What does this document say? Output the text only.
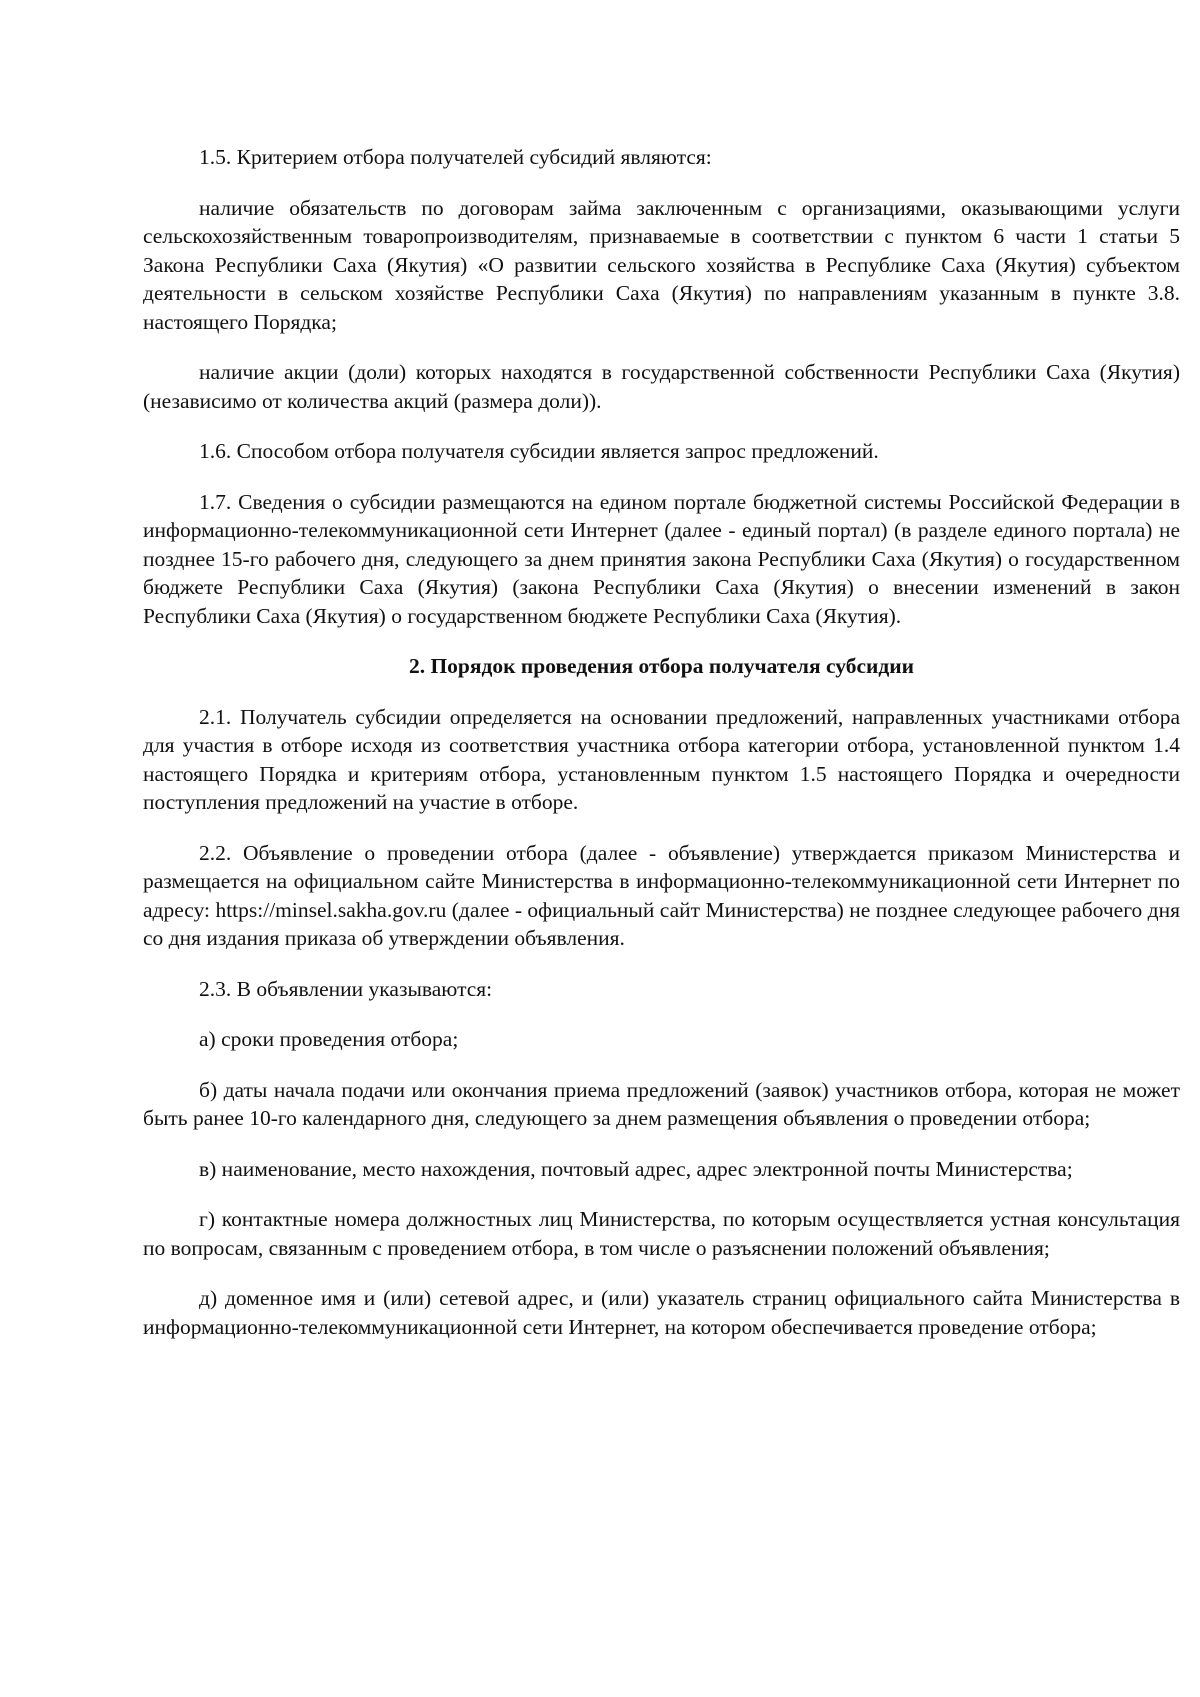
1.5. Критерием отбора получателей субсидий являются:

наличие обязательств по договорам займа заключенным с организациями, оказывающими услуги сельскохозяйственным товаропроизводителям, признаваемые в соответствии с пунктом 6 части 1 статьи 5 Закона Республики Саха (Якутия) «О развитии сельского хозяйства в Республике Саха (Якутия) субъектом деятельности в сельском хозяйстве Республики Саха (Якутия) по направлениям указанным в пункте 3.8. настоящего Порядка;

наличие акции (доли) которых находятся в государственной собственности Республики Саха (Якутия) (независимо от количества акций (размера доли)).

1.6. Способом отбора получателя субсидии является запрос предложений.

1.7. Сведения о субсидии размещаются на едином портале бюджетной системы Российской Федерации в информационно-телекоммуникационной сети Интернет (далее - единый портал) (в разделе единого портала) не позднее 15-го рабочего дня, следующего за днем принятия закона Республики Саха (Якутия) о государственном бюджете Республики Саха (Якутия) (закона Республики Саха (Якутия) о внесении изменений в закон Республики Саха (Якутия) о государственном бюджете Республики Саха (Якутия).

2. Порядок проведения отбора получателя субсидии

2.1. Получатель субсидии определяется на основании предложений, направленных участниками отбора для участия в отборе исходя из соответствия участника отбора категории отбора, установленной пунктом 1.4 настоящего Порядка и критериям отбора, установленным пунктом 1.5 настоящего Порядка и очередности поступления предложений на участие в отборе.

2.2. Объявление о проведении отбора (далее - объявление) утверждается приказом Министерства и размещается на официальном сайте Министерства в информационно-телекоммуникационной сети Интернет по адресу: https://minsel.sakha.gov.ru (далее - официальный сайт Министерства) не позднее следующее рабочего дня со дня издания приказа об утверждении объявления.

2.3. В объявлении указываются:

а) сроки проведения отбора;

б) даты начала подачи или окончания приема предложений (заявок) участников отбора, которая не может быть ранее 10-го календарного дня, следующего за днем размещения объявления о проведении отбора;

в) наименование, место нахождения, почтовый адрес, адрес электронной почты Министерства;

г) контактные номера должностных лиц Министерства, по которым осуществляется устная консультация по вопросам, связанным с проведением отбора, в том числе о разъяснении положений объявления;

д) доменное имя и (или) сетевой адрес, и (или) указатель страниц официального сайта Министерства в информационно-телекоммуникационной сети Интернет, на котором обеспечивается проведение отбора;
